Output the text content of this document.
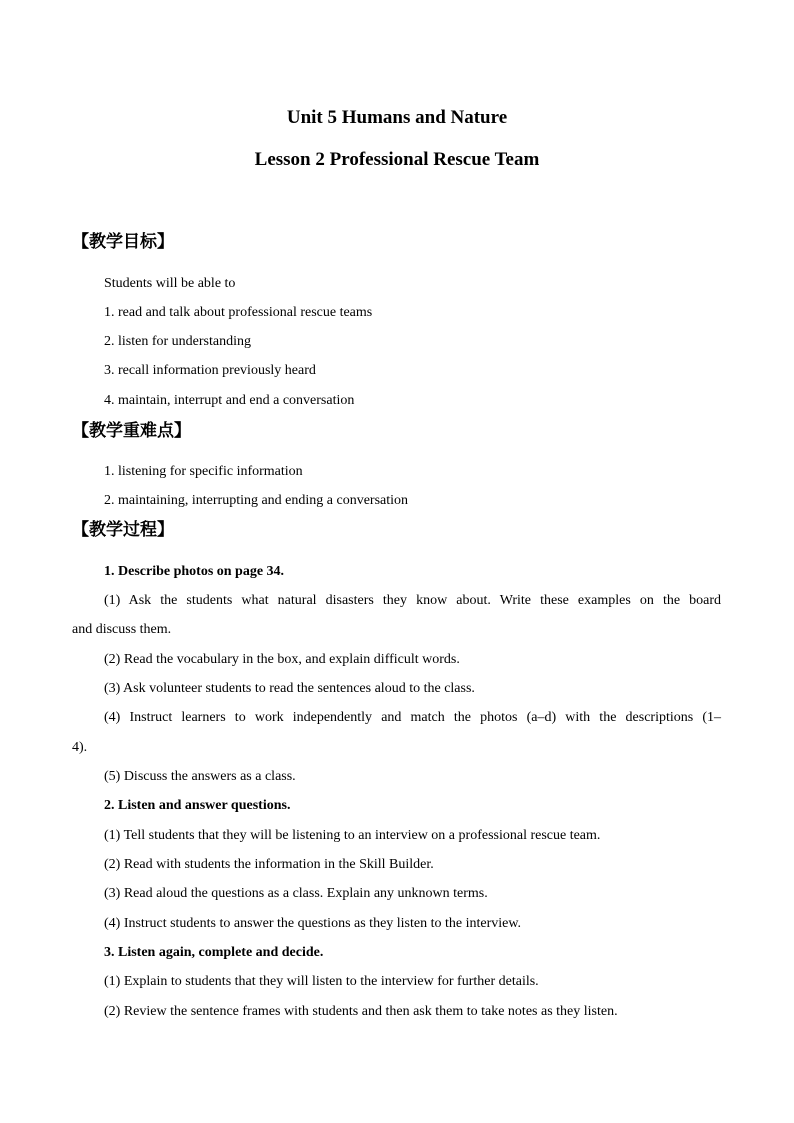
Unit 5 Humans and Nature
Lesson 2 Professional Rescue Team
【教学目标】
Students will be able to
1. read and talk about professional rescue teams
2. listen for understanding
3. recall information previously heard
4. maintain, interrupt and end a conversation
【教学重难点】
1. listening for specific information
2. maintaining, interrupting and ending a conversation
【教学过程】
1. Describe photos on page 34.
(1) Ask the students what natural disasters they know about. Write these examples on the board
and discuss them.
(2) Read the vocabulary in the box, and explain difficult words.
(3) Ask volunteer students to read the sentences aloud to the class.
(4) Instruct learners to work independently and match the photos (a–d) with the descriptions (1–
4).
(5) Discuss the answers as a class.
2. Listen and answer questions.
(1) Tell students that they will be listening to an interview on a professional rescue team.
(2) Read with students the information in the Skill Builder.
(3) Read aloud the questions as a class. Explain any unknown terms.
(4) Instruct students to answer the questions as they listen to the interview.
3. Listen again, complete and decide.
(1) Explain to students that they will listen to the interview for further details.
(2) Review the sentence frames with students and then ask them to take notes as they listen.
